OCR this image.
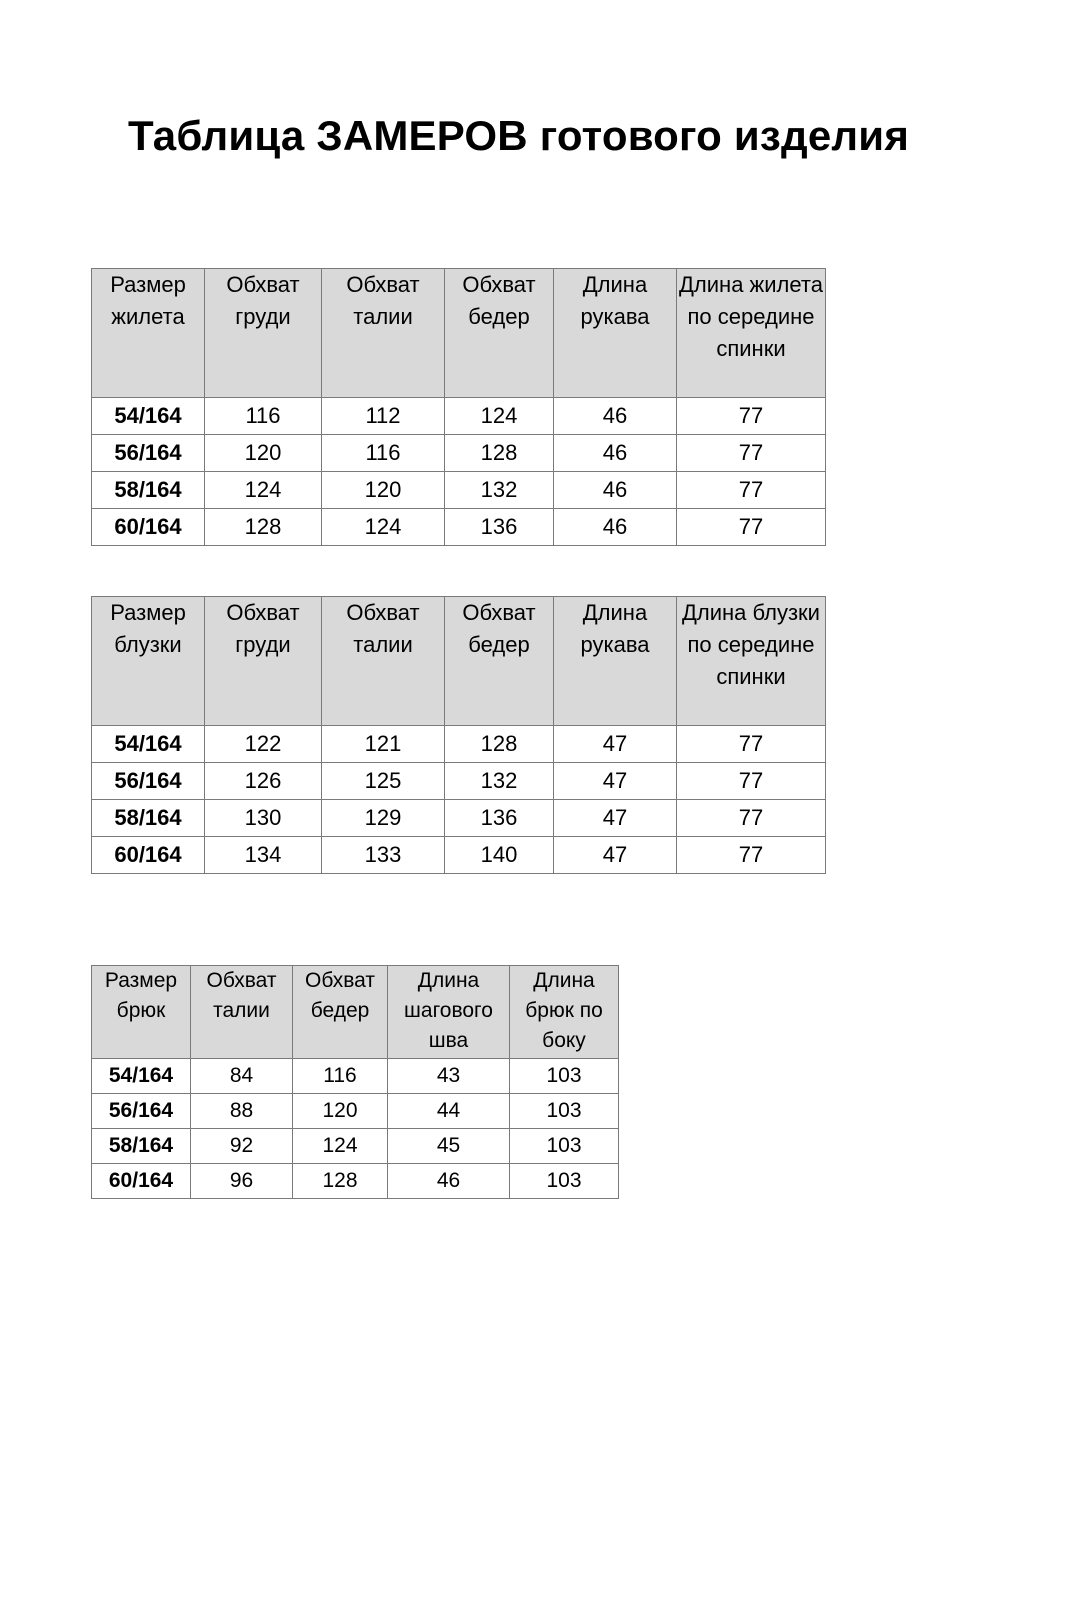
Таблица ЗАМЕРОВ готового изделия
Размер жилета	Обхват груди	Обхват талии	Обхват бедер	Длина рукава	Длина жилета по середине спинки
54/164	116	112	124	46	77
56/164	120	116	128	46	77
58/164	124	120	132	46	77
60/164	128	124	136	46	77
Размер блузки	Обхват груди	Обхват талии	Обхват бедер	Длина рукава	Длина блузки по середине спинки
54/164	122	121	128	47	77
56/164	126	125	132	47	77
58/164	130	129	136	47	77
60/164	134	133	140	47	77
Размер брюк	Обхват талии	Обхват бедер	Длина шагового шва	Длина брюк по боку
54/164	84	116	43	103
56/164	88	120	44	103
58/164	92	124	45	103
60/164	96	128	46	103
